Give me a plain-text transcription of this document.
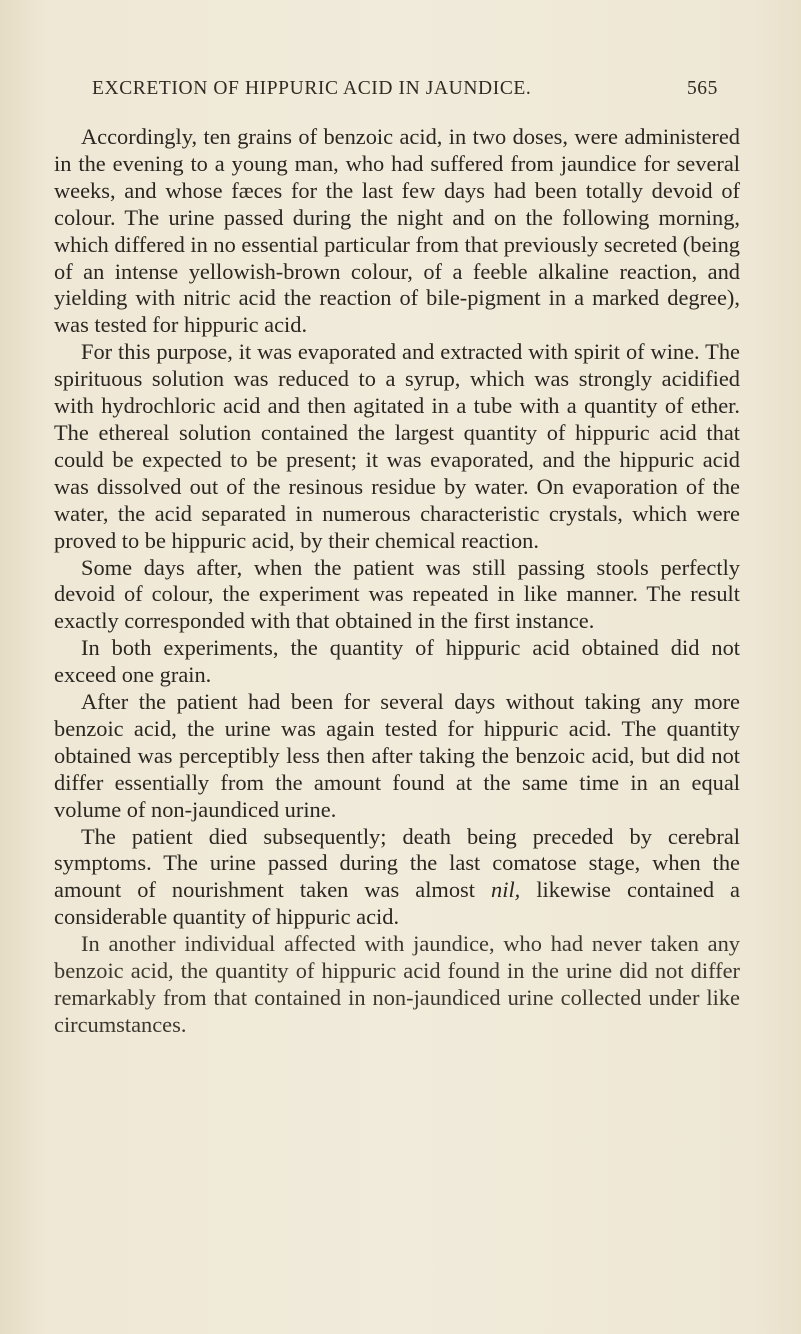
EXCRETION OF HIPPURIC ACID IN JAUNDICE.	565

Accordingly, ten grains of benzoic acid, in two doses, were administered in the evening to a young man, who had suffered from jaundice for several weeks, and whose fæces for the last few days had been totally devoid of colour. The urine passed during the night and on the following morning, which differed in no essential particular from that previously secreted (being of an intense yellowish-brown colour, of a feeble alkaline reaction, and yielding with nitric acid the reaction of bile-pigment in a marked degree), was tested for hippuric acid.

For this purpose, it was evaporated and extracted with spirit of wine. The spirituous solution was reduced to a syrup, which was strongly acidified with hydrochloric acid and then agitated in a tube with a quantity of ether. The ethereal solution contained the largest quantity of hippuric acid that could be expected to be present; it was evaporated, and the hippuric acid was dissolved out of the resinous residue by water. On evaporation of the water, the acid separated in numerous characteristic crystals, which were proved to be hippuric acid, by their chemical reaction.

Some days after, when the patient was still passing stools perfectly devoid of colour, the experiment was repeated in like manner. The result exactly corresponded with that obtained in the first instance.

In both experiments, the quantity of hippuric acid obtained did not exceed one grain.

After the patient had been for several days without taking any more benzoic acid, the urine was again tested for hippuric acid. The quantity obtained was perceptibly less then after taking the benzoic acid, but did not differ essentially from the amount found at the same time in an equal volume of non-jaundiced urine.

The patient died subsequently; death being preceded by cerebral symptoms. The urine passed during the last comatose stage, when the amount of nourishment taken was almost nil, likewise contained a considerable quantity of hippuric acid.

In another individual affected with jaundice, who had never taken any benzoic acid, the quantity of hippuric acid found in the urine did not differ remarkably from that contained in non-jaundiced urine collected under like circumstances.
